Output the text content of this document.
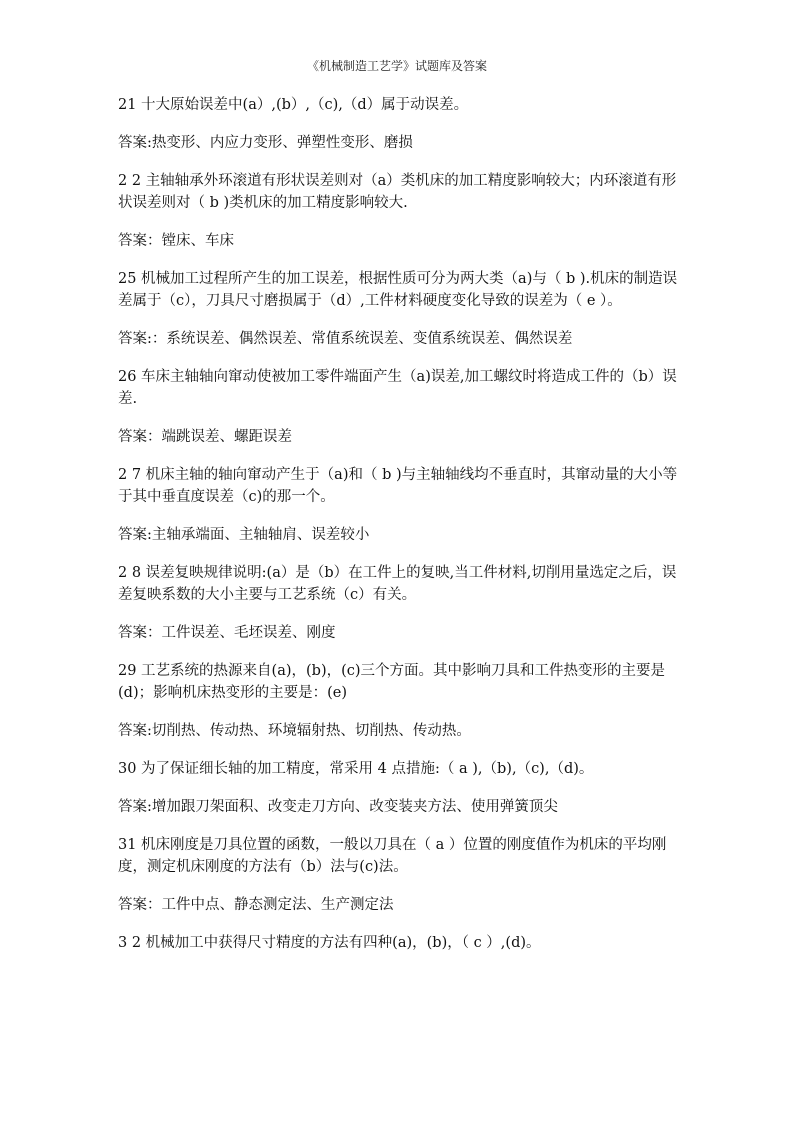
《机械制造工艺学》试题库及答案

21 十大原始误差中(a）,(b）,（c),（d）属于动误差。

答案:热变形、内应力变形、弹塑性变形、磨损

2 2 主轴轴承外环滚道有形状误差则对（a）类机床的加工精度影响较大；内环滚道有形状误差则对（ b )类机床的加工精度影响较大.

答案：镗床、车床

25 机械加工过程所产生的加工误差，根据性质可分为两大类（a)与（ b ).机床的制造误差属于（c），刀具尺寸磨损属于（d）,工件材料硬度变化导致的误差为（ e ）。

答案:：系统误差、偶然误差、常值系统误差、变值系统误差、偶然误差

26 车床主轴轴向窜动使被加工零件端面产生（a)误差,加工螺纹时将造成工件的（b）误差.

答案：端跳误差、螺距误差

2 7 机床主轴的轴向窜动产生于（a)和（ b )与主轴轴线均不垂直时，其窜动量的大小等于其中垂直度误差（c)的那一个。

答案:主轴承端面、主轴轴肩、误差较小

2 8 误差复映规律说明:(a）是（b）在工件上的复映,当工件材料,切削用量选定之后，误差复映系数的大小主要与工艺系统（c）有关。

答案：工件误差、毛坯误差、刚度

29 工艺系统的热源来自(a)，(b)，(c)三个方面。其中影响刀具和工件热变形的主要是(d)；影响机床热变形的主要是：(e)

答案:切削热、传动热、环境辐射热、切削热、传动热。

30 为了保证细长轴的加工精度，常采用 4 点措施:（ a ),（b),（c),（d)。

答案:增加跟刀架面积、改变走刀方向、改变装夹方法、使用弹簧顶尖

31 机床刚度是刀具位置的函数，一般以刀具在（ a ）位置的刚度值作为机床的平均刚度，测定机床刚度的方法有（b）法与(c)法。

答案：工件中点、静态测定法、生产测定法

3 2 机械加工中获得尺寸精度的方法有四种(a)，(b)，（ c ）,(d)。
